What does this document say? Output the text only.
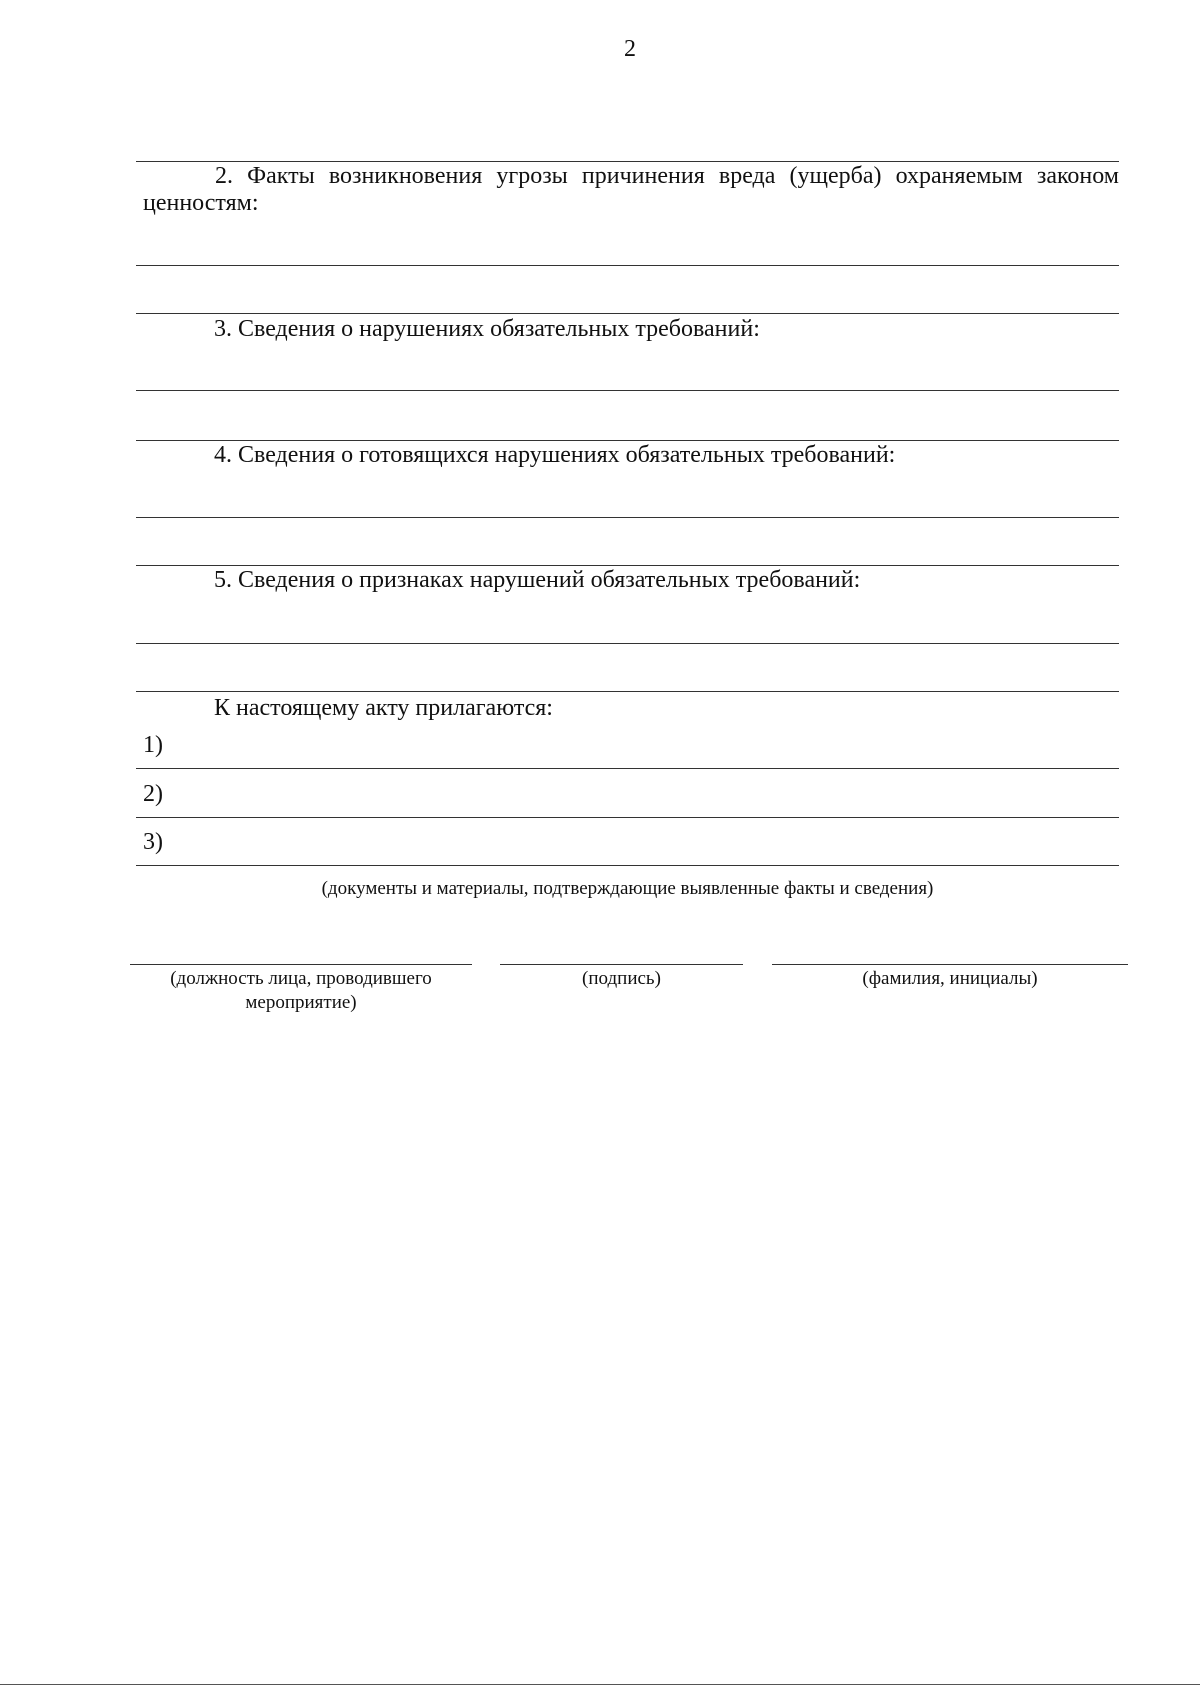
2
2. Факты возникновения угрозы причинения вреда (ущерба) охраняемым законом ценностям:
3. Сведения о нарушениях обязательных требований:
4. Сведения о готовящихся нарушениях обязательных требований:
5. Сведения о признаках нарушений обязательных требований:
К настоящему акту прилагаются:
1)
2)
3)
(документы и материалы, подтверждающие выявленные факты и сведения)
(должность лица, проводившего мероприятие)
(подпись)	(фамилия, инициалы)
